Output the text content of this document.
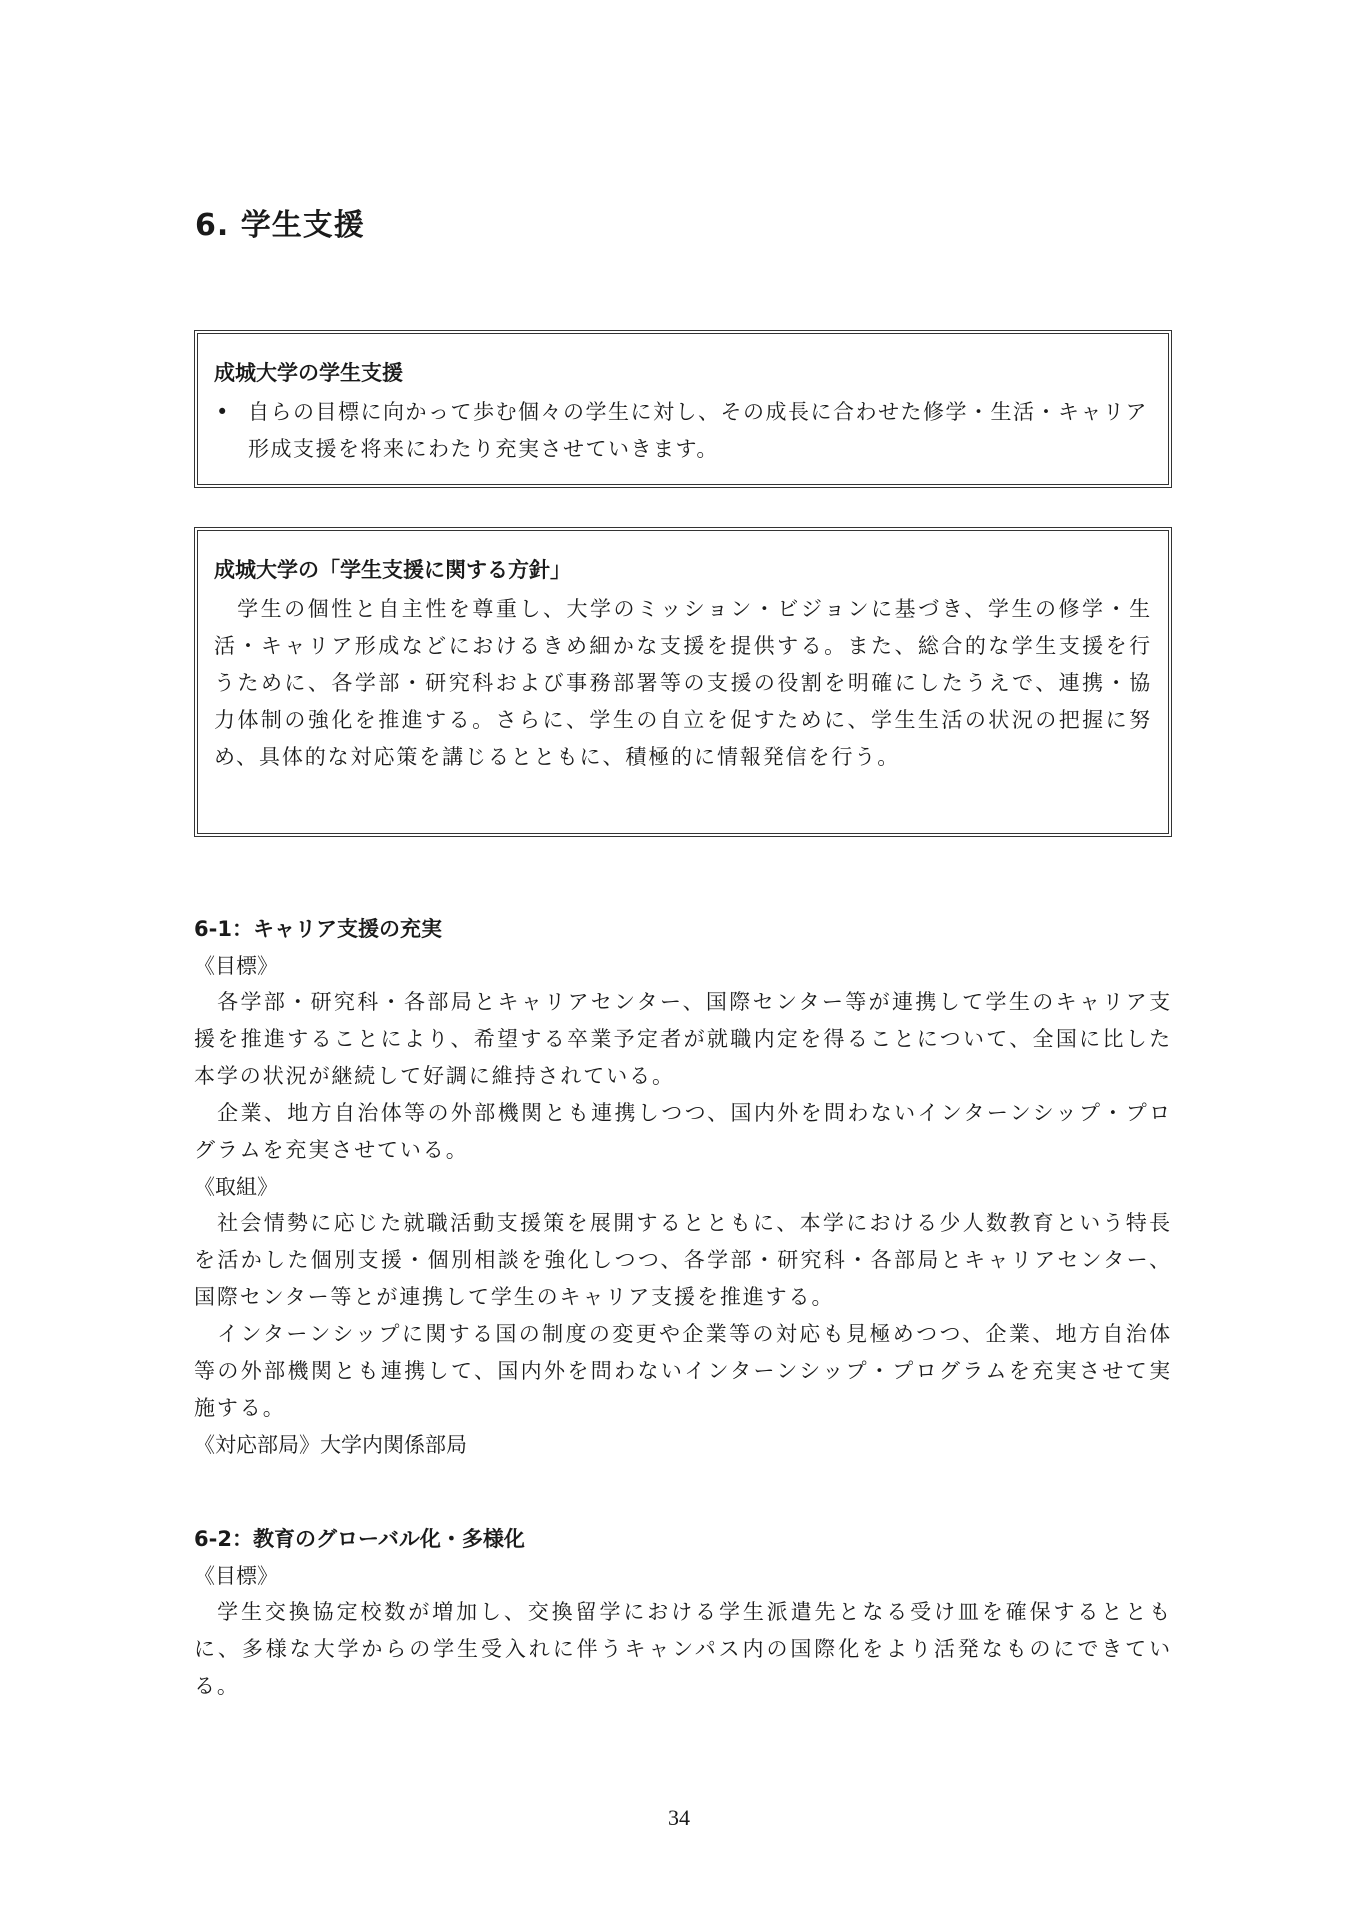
6. 学生支援
成城大学の学生支援
• 自らの目標に向かって歩む個々の学生に対し、その成長に合わせた修学・生活・キャリア形成支援を将来にわたり充実させていきます。
成城大学の「学生支援に関する方針」

学生の個性と自主性を尊重し、大学のミッション・ビジョンに基づき、学生の修学・生活・キャリア形成などにおけるきめ細かな支援を提供する。また、総合的な学生支援を行うために、各学部・研究科および事務部署等の支援の役割を明確にしたうえで、連携・協力体制の強化を推進する。さらに、学生の自立を促すために、学生生活の状況の把握に努め、具体的な対応策を講じるとともに、積極的に情報発信を行う。

6-1：キャリア支援の充実

《目標》

各学部・研究科・各部局とキャリアセンター、国際センター等が連携して学生のキャリア支援を推進することにより、希望する卒業予定者が就職内定を得ることについて、全国に比した本学の状況が継続して好調に維持されている。

企業、地方自治体等の外部機関とも連携しつつ、国内外を問わないインターンシップ・プログラムを充実させている。

《取組》

社会情勢に応じた就職活動支援策を展開するとともに、本学における少人数教育という特長を活かした個別支援・個別相談を強化しつつ、各学部・研究科・各部局とキャリアセンター、国際センター等とが連携して学生のキャリア支援を推進する。

インターンシップに関する国の制度の変更や企業等の対応も見極めつつ、企業、地方自治体等の外部機関とも連携して、国内外を問わないインターンシップ・プログラムを充実させて実施する。

《対応部局》大学内関係部局

6-2：教育のグローバル化・多様化

《目標》

学生交換協定校数が増加し、交換留学における学生派遣先となる受け皿を確保するとともに、多様な大学からの学生受入れに伴うキャンパス内の国際化をより活発なものにできている。

34
